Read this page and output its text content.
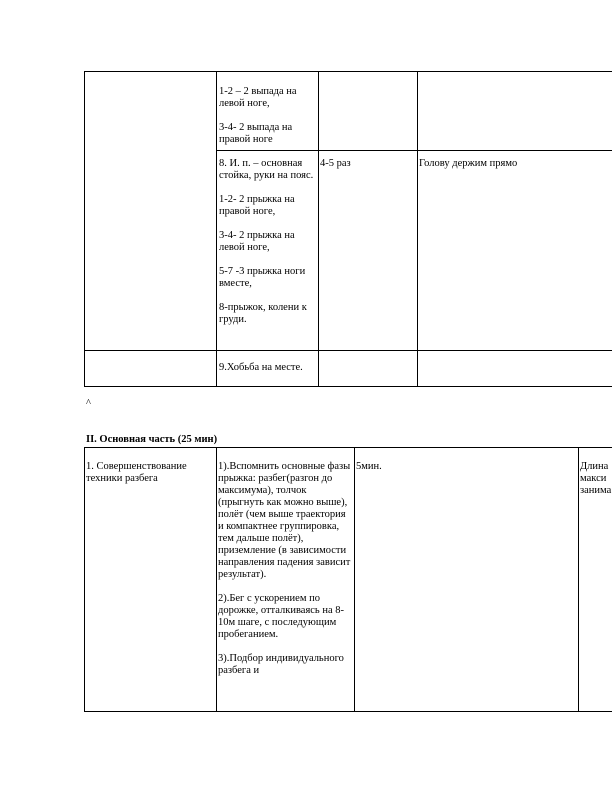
1-2 – 2 выпада на левой ноге,

3-4- 2 выпада на правой ноге

8. И. п. – основная стойка, руки на пояс.

1-2- 2 прыжка на правой ноге,

3-4- 2 прыжка на левой ноге,

5-7 -3 прыжка ноги вместе,

8-прыжок, колени к груди.

4-5 раз	Голову держим прямо

9.Хобьба на месте.

^
II. Основная часть (25 мин)
1. Совершенствование техники разбега

1).Вспомнить основные фазы прыжка: разбег(разгон до максимума), толчок (прыгнуть как можно выше), полёт (чем выше траектория и компактнее группировка, тем дальше полёт), приземление (в зависимости направления падения зависит результат).

2).Бег с ускорением по дорожке, отталкиваясь на 8-10м шаге, с последующим пробеганием.

3).Подбор индивидуального разбега и

5мин.	Длина
макси
занима
